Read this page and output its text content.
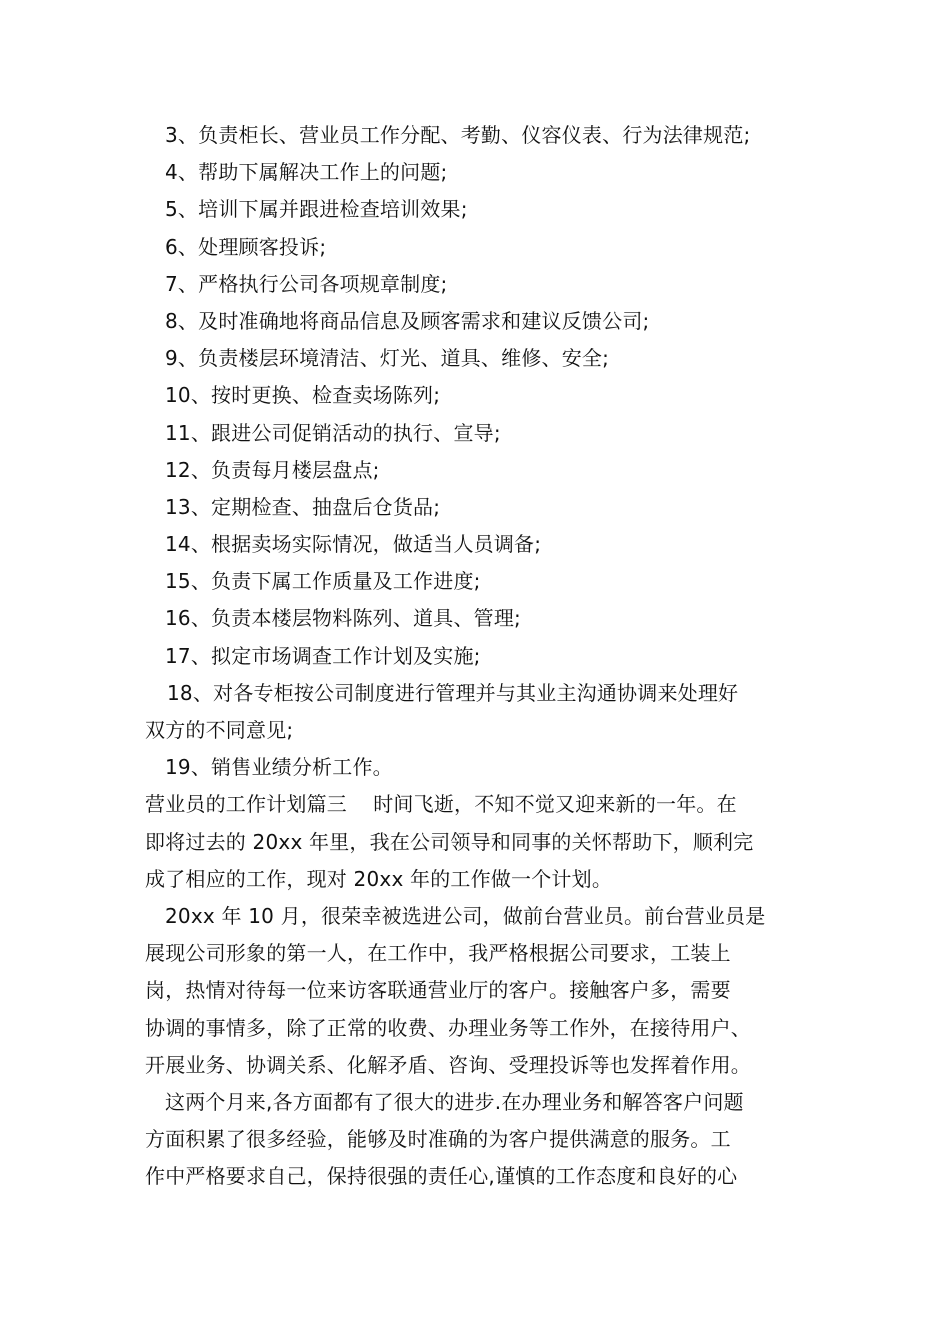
3、负责柜长、营业员工作分配、考勤、仪容仪表、行为法律规范;
4、帮助下属解决工作上的问题;
5、培训下属并跟进检查培训效果;
6、处理顾客投诉;
7、严格执行公司各项规章制度;
8、及时准确地将商品信息及顾客需求和建议反馈公司;
9、负责楼层环境清洁、灯光、道具、维修、安全;
10、按时更换、检查卖场陈列;
11、跟进公司促销活动的执行、宣导;
12、负责每月楼层盘点;
13、定期检查、抽盘后仓货品;
14、根据卖场实际情况，做适当人员调备;
15、负责下属工作质量及工作进度;
16、负责本楼层物料陈列、道具、管理;
17、拟定市场调查工作计划及实施;
18、对各专柜按公司制度进行管理并与其业主沟通协调来处理好
双方的不同意见;
19、销售业绩分析工作。
营业员的工作计划篇三    时间飞逝，不知不觉又迎来新的一年。在
即将过去的 20xx 年里，我在公司领导和同事的关怀帮助下，顺利完
成了相应的工作，现对 20xx 年的工作做一个计划。
20xx 年 10 月，很荣幸被选进公司，做前台营业员。前台营业员是
展现公司形象的第一人，在工作中，我严格根据公司要求，工装上
岗，热情对待每一位来访客联通营业厅的客户。接触客户多，需要
协调的事情多，除了正常的收费、办理业务等工作外，在接待用户、
开展业务、协调关系、化解矛盾、咨询、受理投诉等也发挥着作用。
这两个月来,各方面都有了很大的进步.在办理业务和解答客户问题
方面积累了很多经验，能够及时准确的为客户提供满意的服务。工
作中严格要求自己，保持很强的责任心,谨慎的工作态度和良好的心
